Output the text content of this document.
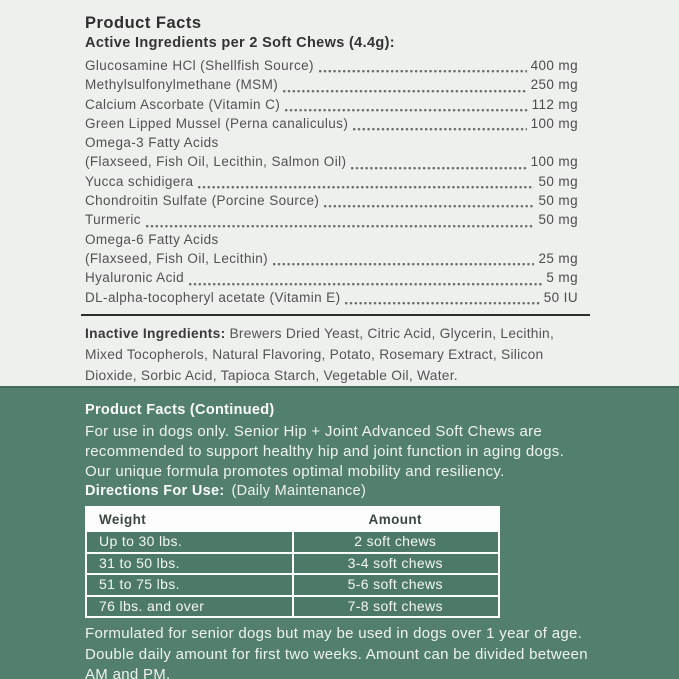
Product Facts
Active Ingredients per 2 Soft Chews (4.4g):
Glucosamine HCl (Shellfish Source)	400 mg
Methylsulfonylmethane (MSM)	250 mg
Calcium Ascorbate (Vitamin C)	112 mg
Green Lipped Mussel (Perna canaliculus)	100 mg
Omega-3 Fatty Acids
(Flaxseed, Fish Oil, Lecithin, Salmon Oil)	100 mg
Yucca schidigera	50 mg
Chondroitin Sulfate (Porcine Source)	50 mg
Turmeric	50 mg
Omega-6 Fatty Acids
(Flaxseed, Fish Oil, Lecithin)	25 mg
Hyaluronic Acid	5 mg
DL-alpha-tocopheryl acetate (Vitamin E)	50 IU

Inactive Ingredients: Brewers Dried Yeast, Citric Acid, Glycerin, Lecithin,
Mixed Tocopherols, Natural Flavoring, Potato, Rosemary Extract, Silicon
Dioxide, Sorbic Acid, Tapioca Starch, Vegetable Oil, Water.

Product Facts (Continued)
For use in dogs only. Senior Hip + Joint Advanced Soft Chews are
recommended to support healthy hip and joint function in aging dogs.
Our unique formula promotes optimal mobility and resiliency.
Directions For Use: (Daily Maintenance)
Weight	Amount
Up to 30 lbs.	2 soft chews
31 to 50 lbs.	3-4 soft chews
51 to 75 lbs.	5-6 soft chews
76 lbs. and over	7-8 soft chews
Formulated for senior dogs but may be used in dogs over 1 year of age.
Double daily amount for first two weeks. Amount can be divided between
AM and PM.
